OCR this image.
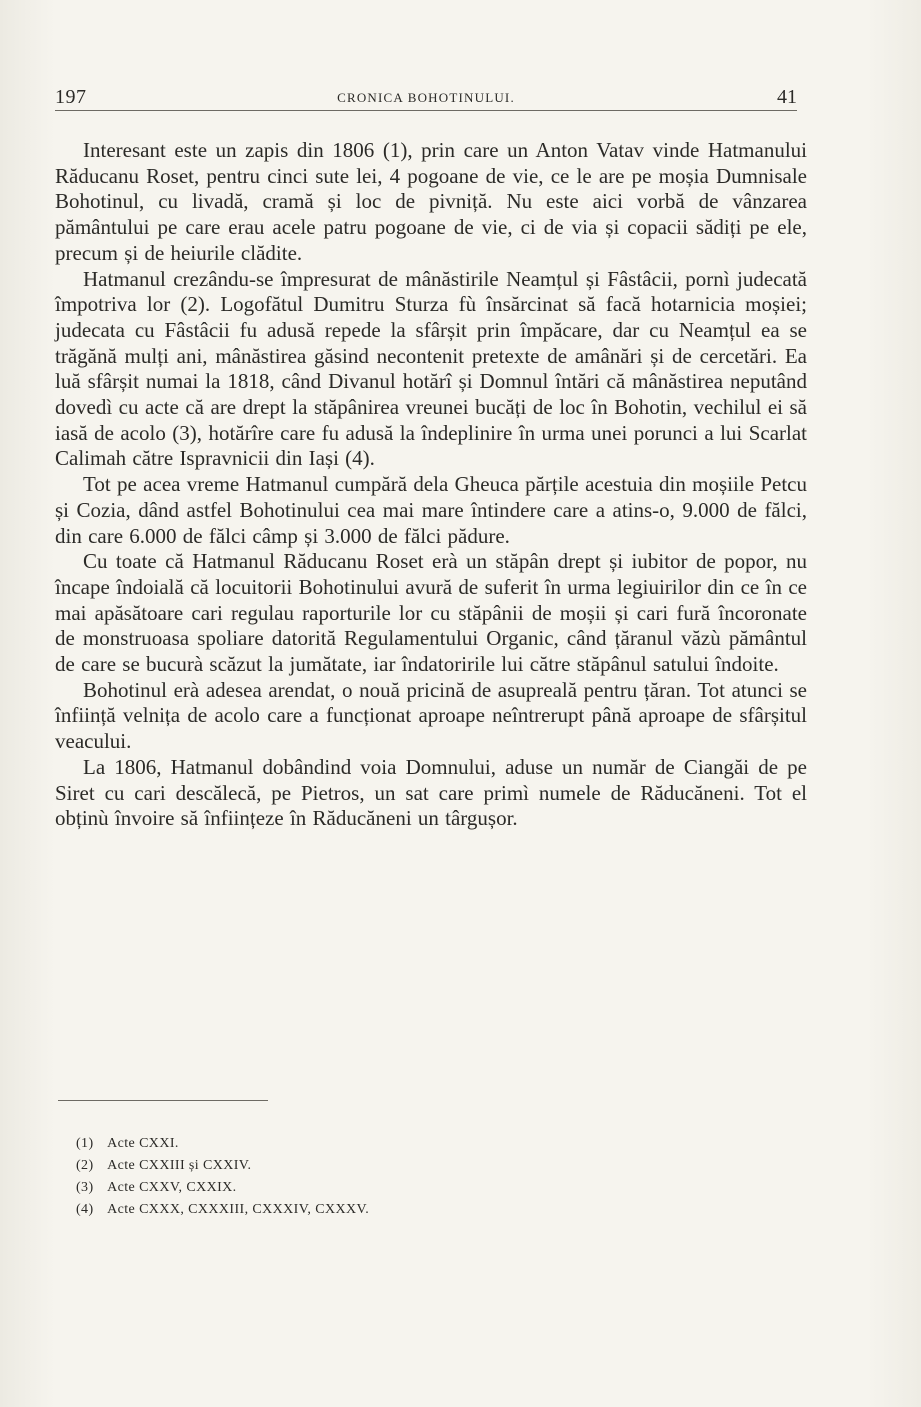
197	CRONICA BOHOTINULUI.	41

Interesant este un zapis din 1806 (1), prin care un Anton Vatav vinde Hatmanului Răducanu Roset, pentru cinci sute lei, 4 pogoane de vie, ce le are pe moșia Dumnisale Bohotinul, cu livadă, cramă și loc de pivniță. Nu este aici vorbă de vânzarea pământului pe care erau acele patru pogoane de vie, ci de via și copacii sădiți pe ele, precum și de heiurile clădite.

Hatmanul crezându-se împresurat de mânăstirile Neamțul și Fâstâcii, pornì judecată împotriva lor (2). Logofătul Dumitru Sturza fù însărcinat să facă hotarnicia moșiei; judecata cu Fâstâcii fu adusă repede la sfârșit prin împăcare, dar cu Neamțul ea se trăgănă mulți ani, mânăstirea găsind necontenit pretexte de amânări și de cercetări. Ea luă sfârșit numai la 1818, când Divanul hotărî și Domnul întări că mânăstirea neputând dovedì cu acte că are drept la stăpânirea vreunei bucăți de loc în Bohotin, vechilul ei să iasă de acolo (3), hotărîre care fu adusă la îndeplinire în urma unei porunci a lui Scarlat Calimah către Ispravnicii din Iași (4).

Tot pe acea vreme Hatmanul cumpără dela Gheuca părțile acestuia din moșiile Petcu și Cozia, dând astfel Bohotinului cea mai mare întindere care a atins-o, 9.000 de fălci, din care 6.000 de fălci câmp și 3.000 de fălci pădure.

Cu toate că Hatmanul Răducanu Roset erà un stăpân drept și iubitor de popor, nu încape îndoială că locuitorii Bohotinului avură de suferit în urma legiuirilor din ce în ce mai apăsătoare cari regulau raporturile lor cu stăpânii de moșii și cari fură încoronate de monstruoasa spoliare datorită Regulamentului Organic, când țăranul văzù pământul de care se bucurà scăzut la jumătate, iar îndatoririle lui către stăpânul satului îndoite.

Bohotinul erà adesea arendat, o nouă pricină de asupreală pentru țăran. Tot atunci se înființă velnița de acolo care a funcționat aproape neîntrerupt până aproape de sfârșitul veacului.

La 1806, Hatmanul dobândind voia Domnului, aduse un număr de Ciangăi de pe Siret cu cari descălecă, pe Pietros, un sat care primì numele de Răducăneni. Tot el obținù învoire să înființeze în Răducăneni un târgușor.

(1) Acte CXXI.
(2) Acte CXXIII și CXXIV.
(3) Acte CXXV, CXXIX.
(4) Acte CXXX, CXXXIII, CXXXIV, CXXXV.
